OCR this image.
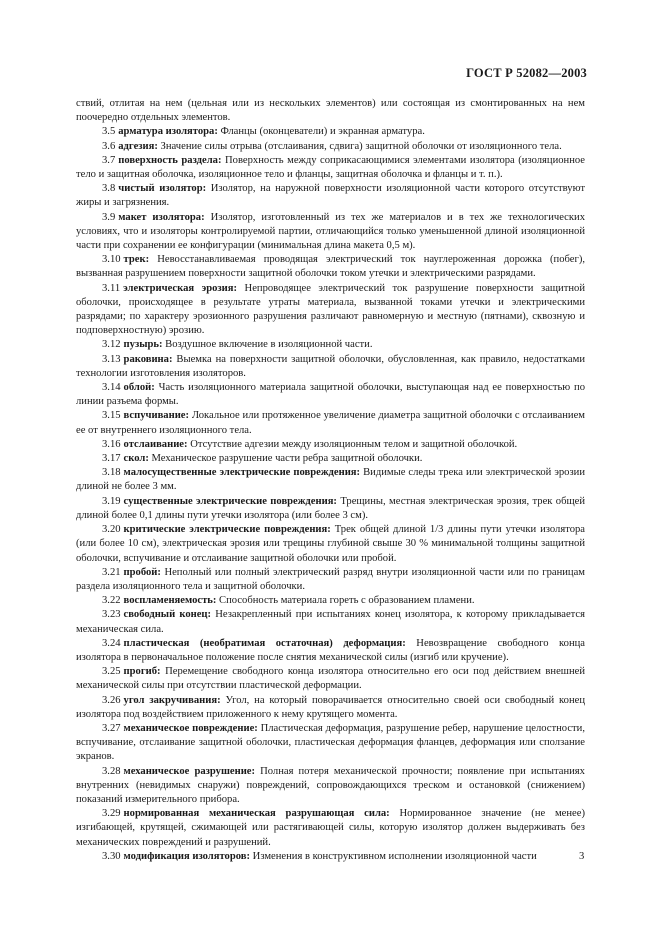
ГОСТ Р 52082—2003

ствий, отлитая на нем (цельная или из нескольких элементов) или состоящая из смонтированных на нем поочередно отдельных элементов.

3.5 арматура изолятора: Фланцы (оконцеватели) и экранная арматура.

3.6 адгезия: Значение силы отрыва (отслаивания, сдвига) защитной оболочки от изоляционного тела.

3.7 поверхность раздела: Поверхность между соприкасающимися элементами изолятора (изоляционное тело и защитная оболочка, изоляционное тело и фланцы, защитная оболочка и фланцы и т. п.).

3.8 чистый изолятор: Изолятор, на наружной поверхности изоляционной части которого отсутствуют жиры и загрязнения.

3.9 макет изолятора: Изолятор, изготовленный из тех же материалов и в тех же технологических условиях, что и изоляторы контролируемой партии, отличающийся только уменьшенной длиной изоляционной части при сохранении ее конфигурации (минимальная длина макета 0,5 м).

3.10 трек: Невосстанавливаемая проводящая электрический ток науглероженная дорожка (побег), вызванная разрушением поверхности защитной оболочки током утечки и электрическими разрядами.

3.11 электрическая эрозия: Непроводящее электрический ток разрушение поверхности защитной оболочки, происходящее в результате утраты материала, вызванной токами утечки и электрическими разрядами; по характеру эрозионного разрушения различают равномерную и местную (пятнами), сквозную и подповерхностную) эрозию.

3.12 пузырь: Воздушное включение в изоляционной части.

3.13 раковина: Выемка на поверхности защитной оболочки, обусловленная, как правило, недостатками технологии изготовления изоляторов.

3.14 облой: Часть изоляционного материала защитной оболочки, выступающая над ее поверхностью по линии разъема формы.

3.15 вспучивание: Локальное или протяженное увеличение диаметра защитной оболочки с отслаиванием ее от внутреннего изоляционного тела.

3.16 отслаивание: Отсутствие адгезии между изоляционным телом и защитной оболочкой.

3.17 скол: Механическое разрушение части ребра защитной оболочки.

3.18 малосущественные электрические повреждения: Видимые следы трека или электрической эрозии длиной не более 3 мм.

3.19 существенные электрические повреждения: Трещины, местная электрическая эрозия, трек общей длиной более 0,1 длины пути утечки изолятора (или более 3 см).

3.20 критические электрические повреждения: Трек общей длиной 1/3 длины пути утечки изолятора (или более 10 см), электрическая эрозия или трещины глубиной свыше 30 % минимальной толщины защитной оболочки, вспучивание и отслаивание защитной оболочки или пробой.

3.21 пробой: Неполный или полный электрический разряд внутри изоляционной части или по границам раздела изоляционного тела и защитной оболочки.

3.22 воспламеняемость: Способность материала гореть с образованием пламени.

3.23 свободный конец: Незакрепленный при испытаниях конец изолятора, к которому прикладывается механическая сила.

3.24 пластическая (необратимая остаточная) деформация: Невозвращение свободного конца изолятора в первоначальное положение после снятия механической силы (изгиб или кручение).

3.25 прогиб: Перемещение свободного конца изолятора относительно его оси под действием внешней механической силы при отсутствии пластической деформации.

3.26 угол закручивания: Угол, на который поворачивается относительно своей оси свободный конец изолятора под воздействием приложенного к нему крутящего момента.

3.27 механическое повреждение: Пластическая деформация, разрушение ребер, нарушение целостности, вспучивание, отслаивание защитной оболочки, пластическая деформация фланцев, деформация или сползание экранов.

3.28 механическое разрушение: Полная потеря механической прочности; появление при испытаниях внутренних (невидимых снаружи) повреждений, сопровождающихся треском и остановкой (снижением) показаний измерительного прибора.

3.29 нормированная механическая разрушающая сила: Нормированное значение (не менее) изгибающей, крутящей, сжимающей или растягивающей силы, которую изолятор должен выдерживать без механических повреждений и разрушений.

3.30 модификация изоляторов: Изменения в конструктивном исполнении изоляционной части	3
